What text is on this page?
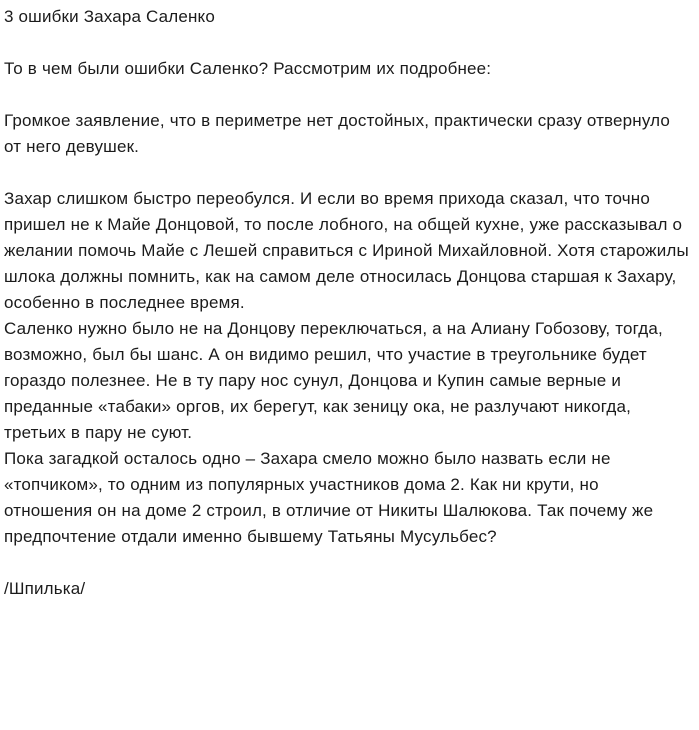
3 ошибки Захара Саленко

То в чем были ошибки Саленко? Рассмотрим их подробнее:

Громкое заявление, что в периметре нет достойных, практически сразу отвернуло от него девушек.

Захар слишком быстро переобулся. И если во время прихода сказал, что точно пришел не к Майе Донцовой, то после лобного, на общей кухне, уже рассказывал о желании помочь Майе с Лешей справиться с Ириной Михайловной. Хотя старожилы шлока должны помнить, как на самом деле относилась Донцова старшая к Захару, особенно в последнее время.

Саленко нужно было не на Донцову переключаться, а на Алиану Гобозову, тогда, возможно, был бы шанс. А он видимо решил, что участие в треугольнике будет гораздо полезнее. Не в ту пару нос сунул, Донцова и Купин самые верные и преданные «табаки» оргов, их берегут, как зеницу ока, не разлучают никогда, третьих в пару не суют.

Пока загадкой осталось одно – Захара смело можно было назвать если не «топчиком», то одним из популярных участников дома 2. Как ни крути, но отношения он на доме 2 строил, в отличие от Никиты Шалюкова. Так почему же предпочтение отдали именно бывшему Татьяны Мусульбес?

/Шпилька/
